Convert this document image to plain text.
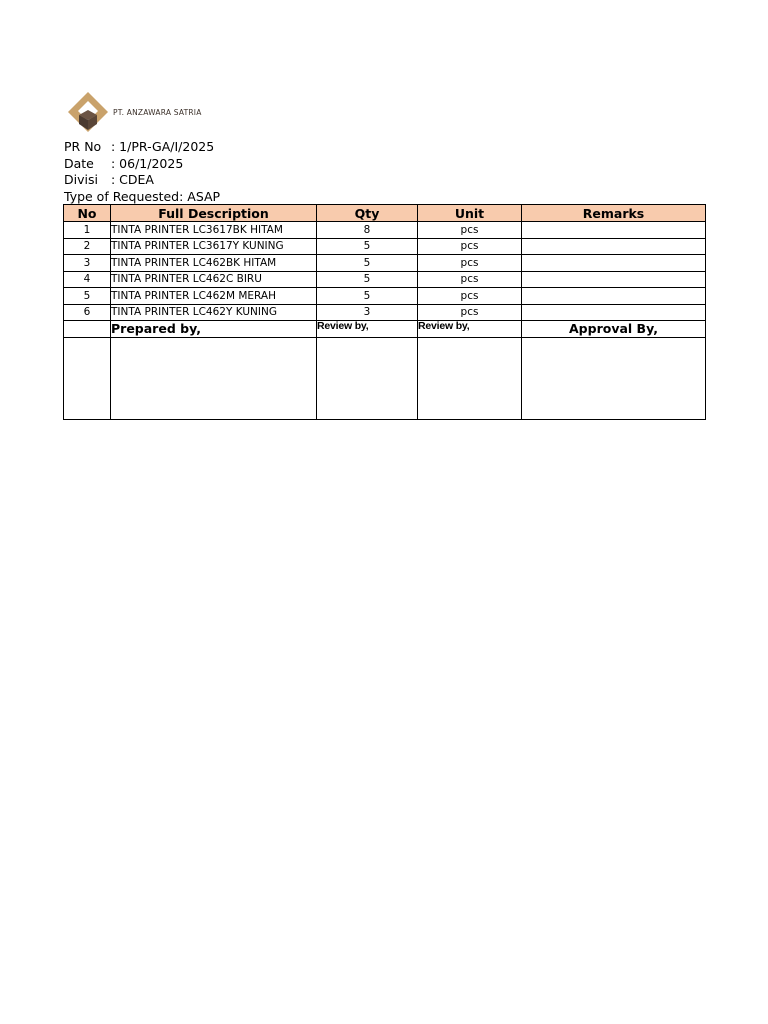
PT. ANZAWARA SATRIA
PR No : 1/PR-GA/I/2025
Date : 06/1/2025
Divisi : CDEA
Type of Requested: ASAP
No	Full Description	Qty	Unit	Remarks
1	TINTA PRINTER LC3617BK HITAM	8	pcs	
2	TINTA PRINTER LC3617Y KUNING	5	pcs	
3	TINTA PRINTER LC462BK HITAM	5	pcs	
4	TINTA PRINTER LC462C BIRU	5	pcs	
5	TINTA PRINTER LC462M MERAH	5	pcs	
6	TINTA PRINTER LC462Y KUNING	3	pcs	
	Prepared by,	Review by,	Review by,	Approval By,
